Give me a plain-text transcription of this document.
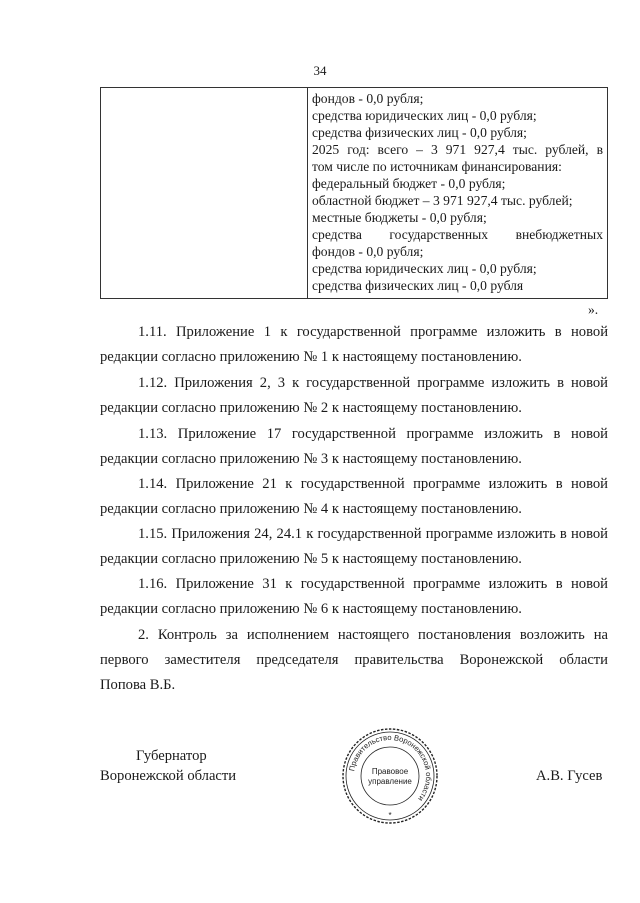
34
фондов - 0,0 рубля;
средства юридических лиц - 0,0 рубля;
средства физических лиц - 0,0 рубля;
2025 год: всего – 3 971 927,4 тыс. рублей, в
том числе по источникам финансирования:
федеральный бюджет - 0,0 рубля;
областной бюджет – 3 971 927,4 тыс. рублей;
местные бюджеты - 0,0 рубля;
средства государственных внебюджетных
фондов - 0,0 рубля;
средства юридических лиц - 0,0 рубля;
средства физических лиц - 0,0 рубля
».
1.11. Приложение 1 к государственной программе изложить в новой
редакции согласно приложению № 1 к настоящему постановлению.
1.12. Приложения 2, 3 к государственной программе изложить в новой
редакции согласно приложению № 2 к настоящему постановлению.
1.13. Приложение 17 государственной программе изложить в новой
редакции согласно приложению № 3 к настоящему постановлению.
1.14. Приложение 21 к государственной программе изложить в новой
редакции согласно приложению № 4 к настоящему постановлению.
1.15. Приложения 24, 24.1 к государственной программе изложить в новой
редакции согласно приложению № 5 к настоящему постановлению.
1.16. Приложение 31 к государственной программе изложить в новой
редакции согласно приложению № 6 к настоящему постановлению.
2. Контроль за исполнением настоящего постановления возложить на
первого заместителя председателя правительства Воронежской области
Попова В.Б.
Губернатор
Воронежской области	А.В. Гусев
Правительство Воронежской области
Правовое
управление
*
